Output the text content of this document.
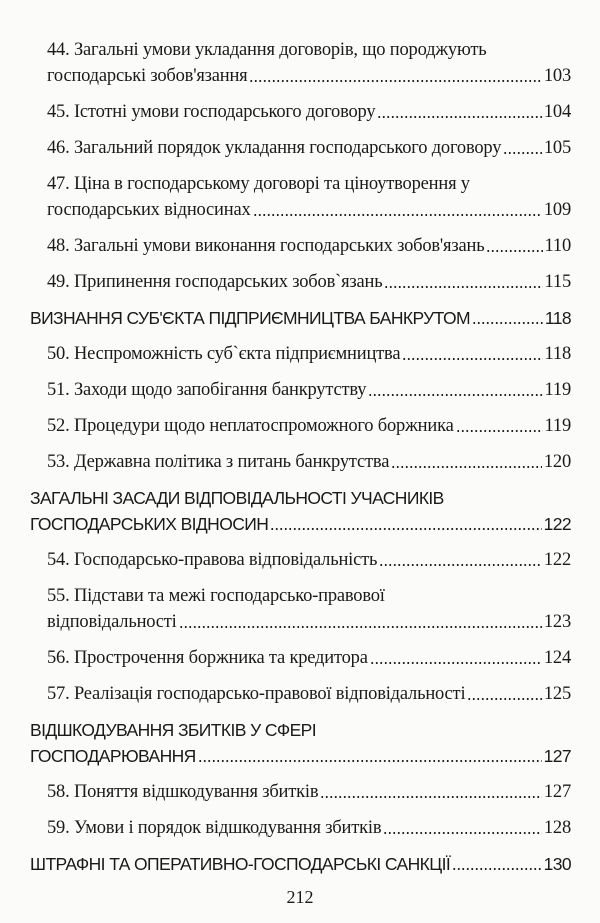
44. Загальні умови укладання договорів, що породжують
господарські зобов'язання	103
45. Істотні умови господарського договору	104
46. Загальний порядок укладання господарського договору 105
47. Ціна в господарському договорі та ціноутворення у
господарських відносинах	109
48. Загальні умови виконання господарських зобов'язань	110
49. Припинення господарських зобов`язань	115
ВИЗНАННЯ СУБ'ЄКТА ПІДПРИЄМНИЦТВА БАНКРУТОМ	118
50. Неспроможність суб`єкта підприємництва	118
51. Заходи щодо запобігання банкрутству	119
52. Процедури щодо неплатоспроможного боржника	119
53. Державна політика з питань банкрутства	120
ЗАГАЛЬНІ ЗАСАДИ ВІДПОВІДАЛЬНОСТІ УЧАСНИКІВ
ГОСПОДАРСЬКИХ ВІДНОСИН	122
54. Господарсько-правова відповідальність	122
55. Підстави та межі господарсько-правової
відповідальності	123
56. Прострочення боржника та кредитора	124
57. Реалізація господарсько-правової відповідальності	125
ВІДШКОДУВАННЯ ЗБИТКІВ У СФЕРІ
ГОСПОДАРЮВАННЯ	127
58. Поняття відшкодування збитків	127
59. Умови і порядок відшкодування збитків	128
ШТРАФНІ ТА ОПЕРАТИВНО-ГОСПОДАРСЬКІ САНКЦІЇ	130
212
